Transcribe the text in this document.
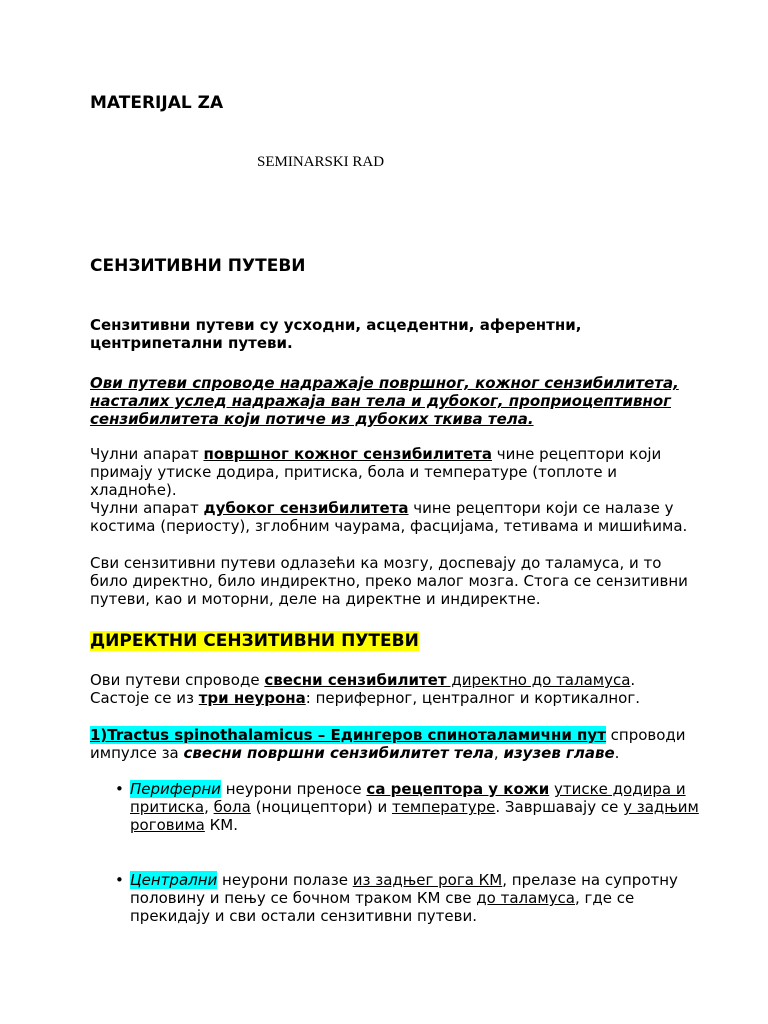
MATERIJAL ZA
SEMINARSKI RAD
СЕНЗИТИВНИ ПУТЕВИ
Сензитивни путеви су усходни, асцедентни, аферентни, центрипетални путеви.
Ови путеви спроводе надражаје површног, кожног сензибилитета, насталих услед надражаја ван тела и дубоког, проприоцептивног сензибилитета који потиче из дубоких ткива тела.
Чулни апарат површног кожног сензибилитета чине рецептори који примају утиске додира, притиска, бола и температуре (топлоте и хладноће).
Чулни апарат дубоког сензибилитета чине рецептори који се налазе у костима (периосту), зглобним чаурама, фасцијама, тетивама и мишићима.
Сви сензитивни путеви одлазећи ка мозгу, доспевају до таламуса, и то било директно, било индиректно, преко малог мозга. Стога се сензитивни путеви, као и моторни, деле на директне и индиректне.
ДИРЕКТНИ СЕНЗИТИВНИ ПУТЕВИ
Ови путеви спроводе свесни сензибилитет директно до таламуса.
Састоје се из три неурона: периферног, централног и кортикалног.
1)Tractus spinothalamicus – Едингеров спиноталамични пут спроводи импулсе за свесни површни сензибилитет тела, изузев главе.
• Периферни неурони преносе са рецептора у кожи утиске додира и притиска, бола (ноцицептори) и температуре. Завршавају се у задњим роговима КМ.
• Централни неурони полазе из задњег рога КМ, прелазе на супротну половину и пењу се бочном траком КМ све до таламуса, где се прекидају и сви остали сензитивни путеви.
